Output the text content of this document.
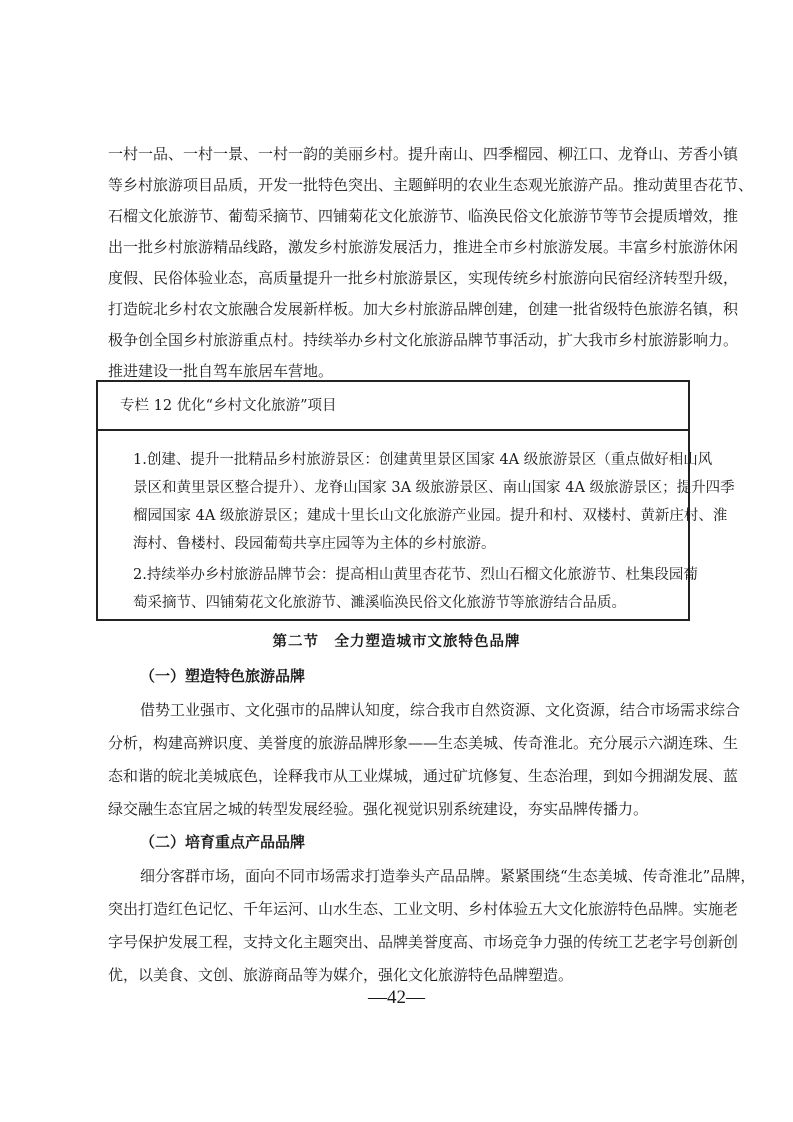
一村一品、一村一景、一村一韵的美丽乡村。提升南山、四季榴园、柳江口、龙脊山、芳香小镇
等乡村旅游项目品质，开发一批特色突出、主题鲜明的农业生态观光旅游产品。推动黄里杏花节、
石榴文化旅游节、葡萄采摘节、四铺菊花文化旅游节、临涣民俗文化旅游节等节会提质增效，推
出一批乡村旅游精品线路，激发乡村旅游发展活力，推进全市乡村旅游发展。丰富乡村旅游休闲
度假、民俗体验业态，高质量提升一批乡村旅游景区，实现传统乡村旅游向民宿经济转型升级，
打造皖北乡村农文旅融合发展新样板。加大乡村旅游品牌创建，创建一批省级特色旅游名镇，积
极争创全国乡村旅游重点村。持续举办乡村文化旅游品牌节事活动，扩大我市乡村旅游影响力。
推进建设一批自驾车旅居车营地。
专栏 12 优化“乡村文化旅游”项目
1.创建、提升一批精品乡村旅游景区：创建黄里景区国家 4A 级旅游景区（重点做好相山风
景区和黄里景区整合提升）、龙脊山国家 3A 级旅游景区、南山国家 4A 级旅游景区；提升四季
榴园国家 4A 级旅游景区；建成十里长山文化旅游产业园。提升和村、双楼村、黄新庄村、淮
海村、鲁楼村、段园葡萄共享庄园等为主体的乡村旅游。
2.持续举办乡村旅游品牌节会：提高相山黄里杏花节、烈山石榴文化旅游节、杜集段园葡
萄采摘节、四铺菊花文化旅游节、濉溪临涣民俗文化旅游节等旅游结合品质。
第二节　全力塑造城市文旅特色品牌
（一）塑造特色旅游品牌
借势工业强市、文化强市的品牌认知度，综合我市自然资源、文化资源，结合市场需求综合
分析，构建高辨识度、美誉度的旅游品牌形象——生态美城、传奇淮北。充分展示六湖连珠、生
态和谐的皖北美城底色，诠释我市从工业煤城，通过矿坑修复、生态治理，到如今拥湖发展、蓝
绿交融生态宜居之城的转型发展经验。强化视觉识别系统建设，夯实品牌传播力。
（二）培育重点产品品牌
细分客群市场，面向不同市场需求打造拳头产品品牌。紧紧围绕“生态美城、传奇淮北”品牌，
突出打造红色记忆、千年运河、山水生态、工业文明、乡村体验五大文化旅游特色品牌。实施老
字号保护发展工程，支持文化主题突出、品牌美誉度高、市场竞争力强的传统工艺老字号创新创
优，以美食、文创、旅游商品等为媒介，强化文化旅游特色品牌塑造。
—42—
